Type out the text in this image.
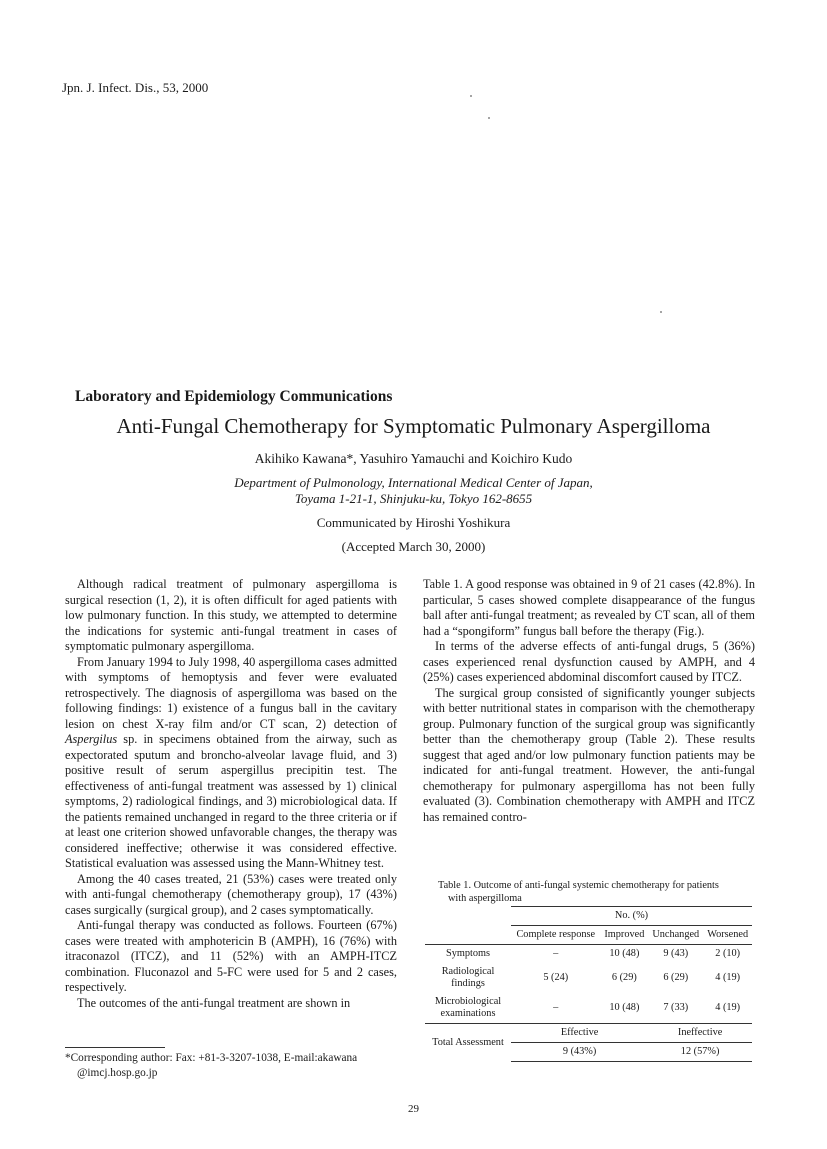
Jpn. J. Infect. Dis., 53, 2000
Laboratory and Epidemiology Communications
Anti-Fungal Chemotherapy for Symptomatic Pulmonary Aspergilloma
Akihiko Kawana*, Yasuhiro Yamauchi and Koichiro Kudo
Department of Pulmonology, International Medical Center of Japan,
Toyama 1-21-1, Shinjuku-ku, Tokyo 162-8655
Communicated by Hiroshi Yoshikura
(Accepted March 30, 2000)

Although radical treatment of pulmonary aspergilloma is surgical resection (1, 2), it is often difficult for aged patients with low pulmonary function. In this study, we attempted to determine the indications for systemic anti-fungal treatment in cases of symptomatic pulmonary aspergilloma.

From January 1994 to July 1998, 40 aspergilloma cases admitted with symptoms of hemoptysis and fever were evaluated retrospectively. The diagnosis of aspergilloma was based on the following findings: 1) existence of a fungus ball in the cavitary lesion on chest X-ray film and/or CT scan, 2) detection of Aspergilus sp. in specimens obtained from the airway, such as expectorated sputum and broncho-alveolar lavage fluid, and 3) positive result of serum aspergillus precipitin test. The effectiveness of anti-fungal treatment was assessed by 1) clinical symptoms, 2) radiological findings, and 3) microbiological data. If the patients remained unchanged in regard to the three criteria or if at least one criterion showed unfavorable changes, the therapy was considered ineffective; otherwise it was considered effective. Statistical evaluation was assessed using the Mann-Whitney test.

Among the 40 cases treated, 21 (53%) cases were treated only with anti-fungal chemotherapy (chemotherapy group), 17 (43%) cases surgically (surgical group), and 2 cases symptomatically.

Anti-fungal therapy was conducted as follows. Fourteen (67%) cases were treated with amphotericin B (AMPH), 16 (76%) with itraconazol (ITCZ), and 11 (52%) with an AMPH-ITCZ combination. Fluconazol and 5-FC were used for 5 and 2 cases, respectively.

The outcomes of the anti-fungal treatment are shown in

*Corresponding author: Fax: +81-3-3207-1038, E-mail:akawana
@imcj.hosp.go.jp

Table 1. A good response was obtained in 9 of 21 cases (42.8%). In particular, 5 cases showed complete disappearance of the fungus ball after anti-fungal treatment; as revealed by CT scan, all of them had a “spongiform” fungus ball before the therapy (Fig.).

In terms of the adverse effects of anti-fungal drugs, 5 (36%) cases experienced renal dysfunction caused by AMPH, and 4 (25%) cases experienced abdominal discomfort caused by ITCZ.

The surgical group consisted of significantly younger subjects with better nutritional states in comparison with the chemotherapy group. Pulmonary function of the surgical group was significantly better than the chemotherapy group (Table 2). These results suggest that aged and/or low pulmonary function patients may be indicated for anti-fungal treatment. However, the anti-fungal chemotherapy for pulmonary aspergilloma has not been fully evaluated (3). Combination chemotherapy with AMPH and ITCZ has remained contro-

Table 1. Outcome of anti-fungal systemic chemotherapy for patients
with aspergilloma
	No. (%)			
	Complete response	Improved	Unchanged	Worsened
Symptoms	–	10 (48)	9 (43)	2 (10)
Radiological findings	5 (24)	6 (29)	6 (29)	4 (19)
Microbiological examinations	–	10 (48)	7 (33)	4 (19)
Total Assessment	Effective		Ineffective	
	9 (43%)		12 (57%)	
29
